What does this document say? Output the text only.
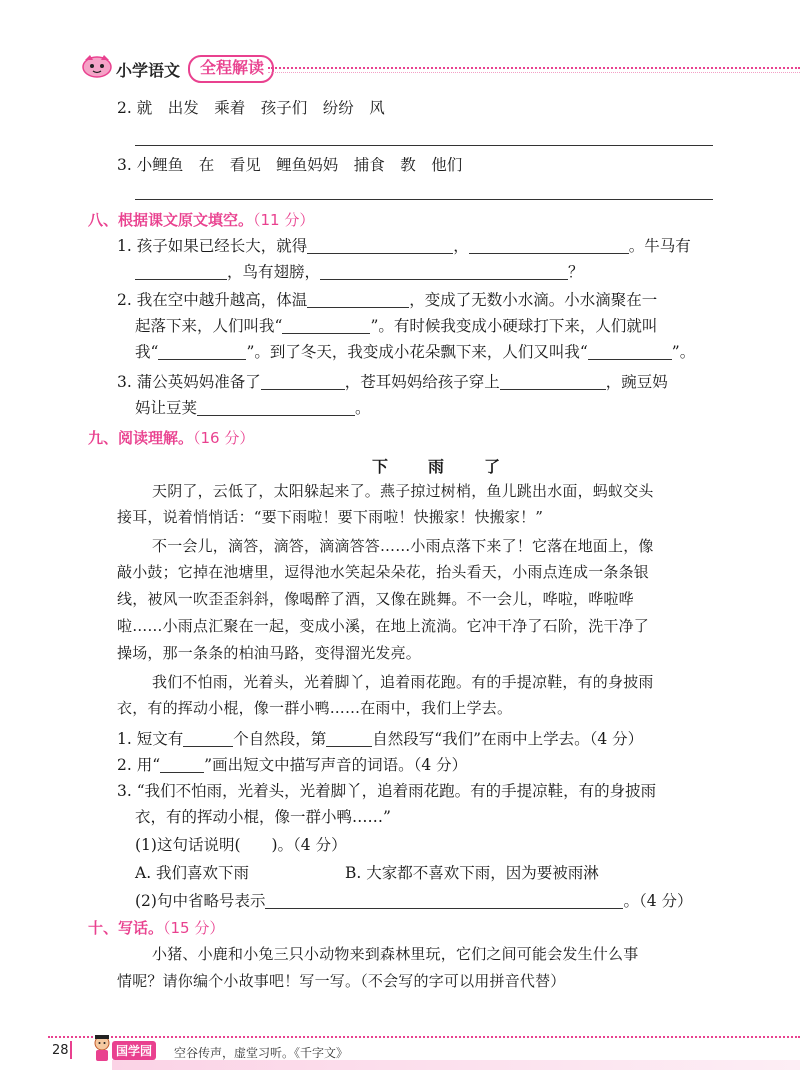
小学语文	全程解读
2. 就　出发　乘着　孩子们　纷纷　风
3. 小鲤鱼　在　看见　鲤鱼妈妈　捕食　教　他们
八、根据课文原文填空。（11 分）
1. 孩子如果已经长大，就得	，	。牛马有
，鸟有翅膀，	？
2. 我在空中越升越高，体温	，变成了无数小水滴。小水滴聚在一
起落下来，人们叫我“	”。有时候我变成小硬球打下来，人们就叫
我“	”。到了冬天，我变成小花朵飘下来，人们又叫我“	”。
3. 蒲公英妈妈准备了	，苍耳妈妈给孩子穿上	，豌豆妈
妈让豆荚	。
九、阅读理解。（16 分）
下　雨　了
天阴了，云低了，太阳躲起来了。燕子掠过树梢，鱼儿跳出水面，蚂蚁交头
接耳，说着悄悄话：“要下雨啦！要下雨啦！快搬家！快搬家！”
不一会儿，滴答，滴答，滴滴答答……小雨点落下来了！它落在地面上，像
敲小鼓；它掉在池塘里，逗得池水笑起朵朵花，抬头看天，小雨点连成一条条银
线，被风一吹歪歪斜斜，像喝醉了酒，又像在跳舞。不一会儿，哗啦，哗啦哗
啦……小雨点汇聚在一起，变成小溪，在地上流淌。它冲干净了石阶，洗干净了
操场，那一条条的柏油马路，变得溜光发亮。
我们不怕雨，光着头，光着脚丫，追着雨花跑。有的手提凉鞋，有的身披雨
衣，有的挥动小棍，像一群小鸭……在雨中，我们上学去。
1. 短文有	个自然段，第	自然段写“我们”在雨中上学去。（4 分）
2. 用“	”画出短文中描写声音的词语。（4 分）
3. “我们不怕雨，光着头，光着脚丫，追着雨花跑。有的手提凉鞋，有的身披雨
衣，有的挥动小棍，像一群小鸭……”
(1)这句话说明(　　)。（4 分）
A. 我们喜欢下雨	B. 大家都不喜欢下雨，因为要被雨淋
(2)句中省略号表示	。（4 分）
十、写话。（15 分）
小猪、小鹿和小兔三只小动物来到森林里玩，它们之间可能会发生什么事
情呢？请你编个小故事吧！写一写。（不会写的字可以用拼音代替）
28	国学园	空谷传声，虚堂习听。《千字文》
